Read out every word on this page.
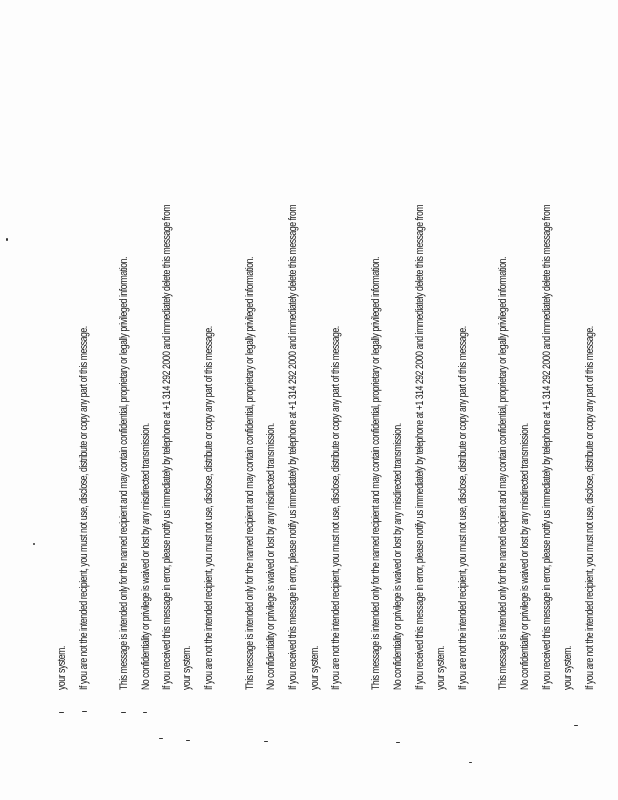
your system. If you are not the intended recipient, you must not use, disclose, distribute or copy any part of this message.	This message is intended only for the named recipient and may contain confidential, proprietary or legally privileged information. No confidentiality or privilege is waived or lost by any misdirected transmission. If you received this message in error, please notify us immediately by telephone at +1 314 292 2000 and immediately delete this message from your system. If you are not the intended recipient, you must not use, disclose, distribute or copy any part of this message.	This message is intended only for the named recipient and may contain confidential, proprietary or legally privileged information. No confidentiality or privilege is waived or lost by any misdirected transmission. If you received this message in error, please notify us immediately by telephone at +1 314 292 2000 and immediately delete this message from your system. If you are not the intended recipient, you must not use, disclose, distribute or copy any part of this message.	This message is intended only for the named recipient and may contain confidential, proprietary or legally privileged information. No confidentiality or privilege is waived or lost by any misdirected transmission. If you received this message in error, please notify us immediately by telephone at +1 314 292 2000 and immediately delete this message from your system. If you are not the intended recipient, you must not use, disclose, distribute or copy any part of this message.	This message is intended only for the named recipient and may contain confidential, proprietary or legally privileged information. No confidentiality or privilege is waived or lost by any misdirected transmission. If you received this message in error, please notify us immediately by telephone at +1 314 292 2000 and immediately delete this message from your system. If you are not the intended recipient, you must not use, disclose, distribute or copy any part of this message.
